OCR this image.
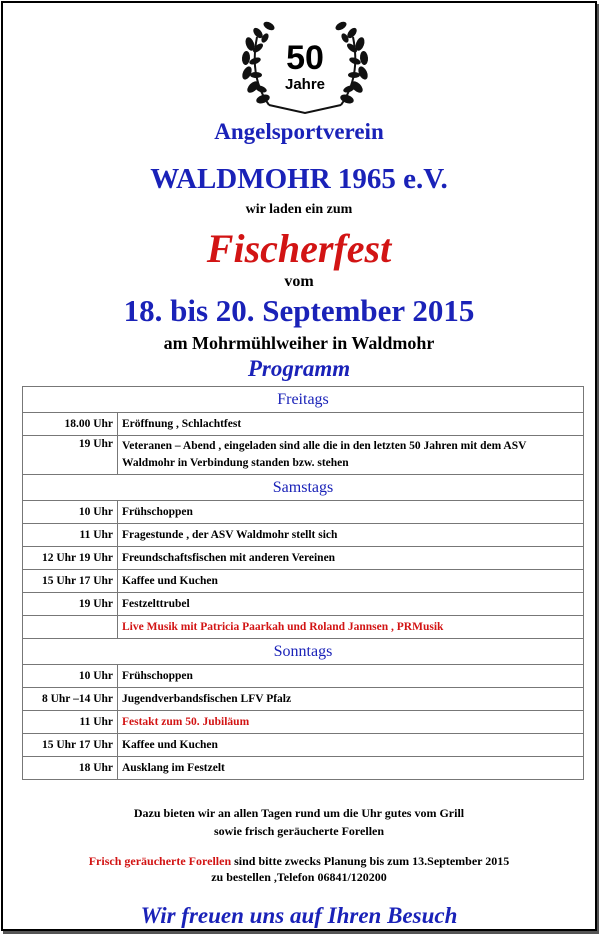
50
Jahre
Angelsportverein
WALDMOHR 1965 e.V.
wir laden ein zum
Fischerfest
vom
18. bis 20. September 2015
am Mohrmühlweiher in Waldmohr
Programm
Freitags	
18.00 Uhr	Eröffnung , Schlachtfest
19 Uhr	Veteranen – Abend , eingeladen sind alle die in den letzten 50 Jahren mit dem ASV Waldmohr in Verbindung standen bzw. stehen
Samstags	
10 Uhr	Frühschoppen
11 Uhr	Fragestunde , der ASV Waldmohr stellt sich
12 Uhr 19 Uhr	Freundschaftsfischen mit anderen Vereinen
15 Uhr 17 Uhr	Kaffee und Kuchen
19 Uhr	Festzelttrubel
	Live Musik mit Patricia Paarkah und Roland Jannsen , PRMusik
Sonntags	
10 Uhr	Frühschoppen
8 Uhr –14 Uhr	Jugendverbandsfischen LFV Pfalz
11 Uhr	Festakt zum 50. Jubiläum
15 Uhr 17 Uhr	Kaffee und Kuchen
18 Uhr	Ausklang im Festzelt
Dazu bieten wir an allen Tagen rund um die Uhr gutes vom Grill
sowie frisch geräucherte Forellen
Frisch geräucherte Forellen sind bitte zwecks Planung bis zum 13.September 2015
zu bestellen ,Telefon 06841/120200
Wir freuen uns auf Ihren Besuch
